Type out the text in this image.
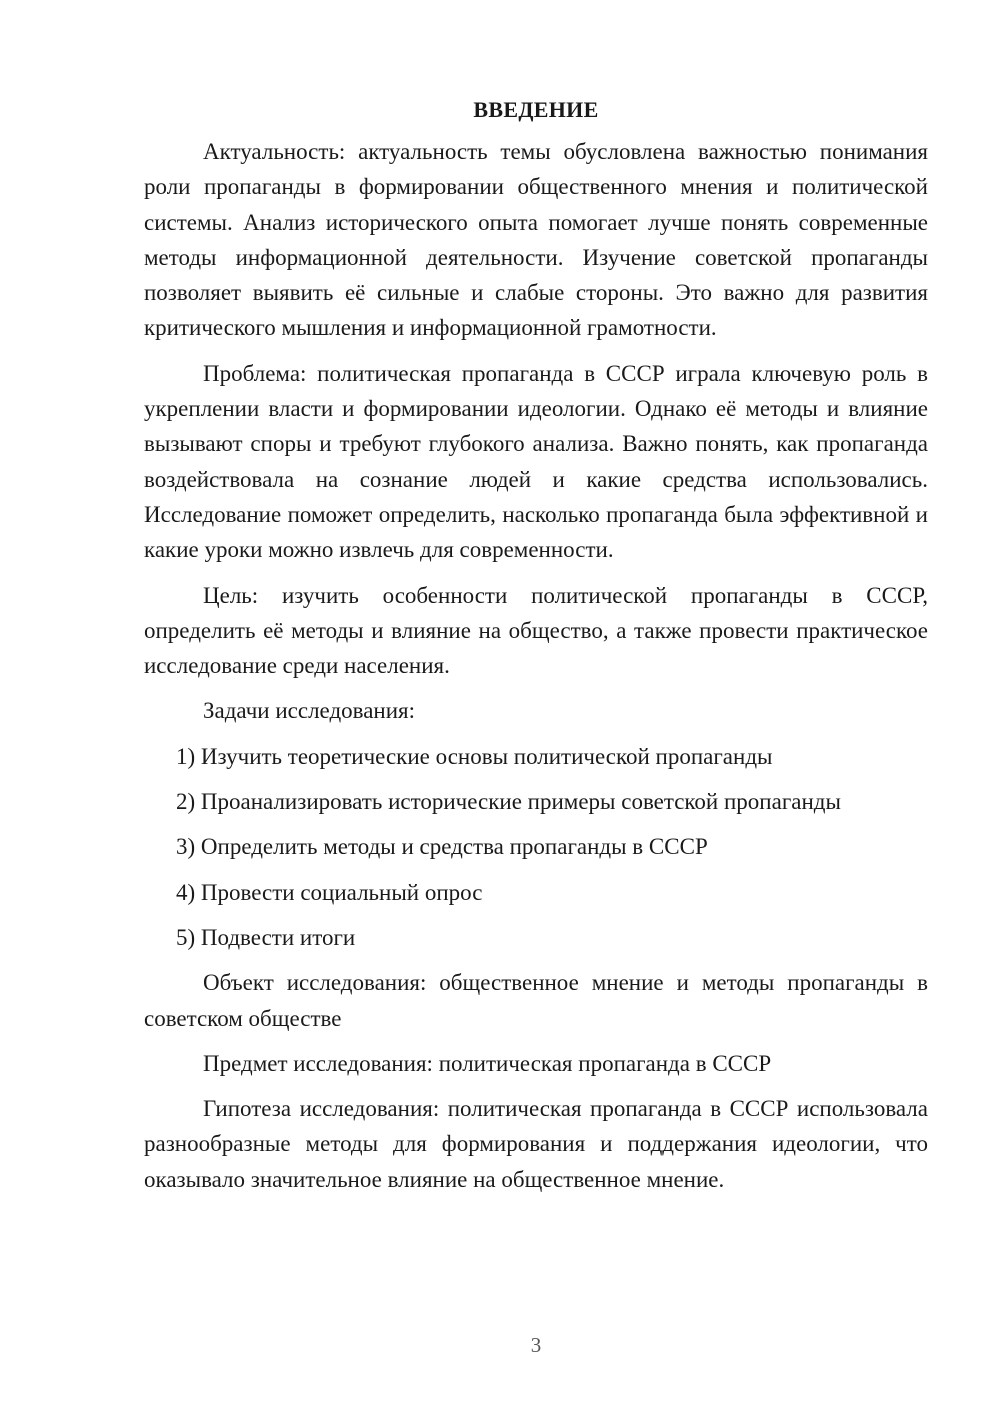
ВВЕДЕНИЕ

Актуальность: актуальность темы обусловлена важностью понимания роли пропаганды в формировании общественного мнения и политической системы. Анализ исторического опыта помогает лучше понять современные методы информационной деятельности. Изучение советской пропаганды позволяет выявить её сильные и слабые стороны. Это важно для развития критического мышления и информационной грамотности.

Проблема: политическая пропаганда в СССР играла ключевую роль в укреплении власти и формировании идеологии. Однако её методы и влияние вызывают споры и требуют глубокого анализа. Важно понять, как пропаганда воздействовала на сознание людей и какие средства использовались. Исследование поможет определить, насколько пропаганда была эффективной и какие уроки можно извлечь для современности.

Цель: изучить особенности политической пропаганды в СССР, определить её методы и влияние на общество, а также провести практическое исследование среди населения.

Задачи исследования:

1) Изучить теоретические основы политической пропаганды

2) Проанализировать исторические примеры советской пропаганды

3) Определить методы и средства пропаганды в СССР

4) Провести социальный опрос

5) Подвести итоги

Объект исследования: общественное мнение и методы пропаганды в советском обществе

Предмет исследования: политическая пропаганда в СССР

Гипотеза исследования: политическая пропаганда в СССР использовала разнообразные методы для формирования и поддержания идеологии, что оказывало значительное влияние на общественное мнение.

3
